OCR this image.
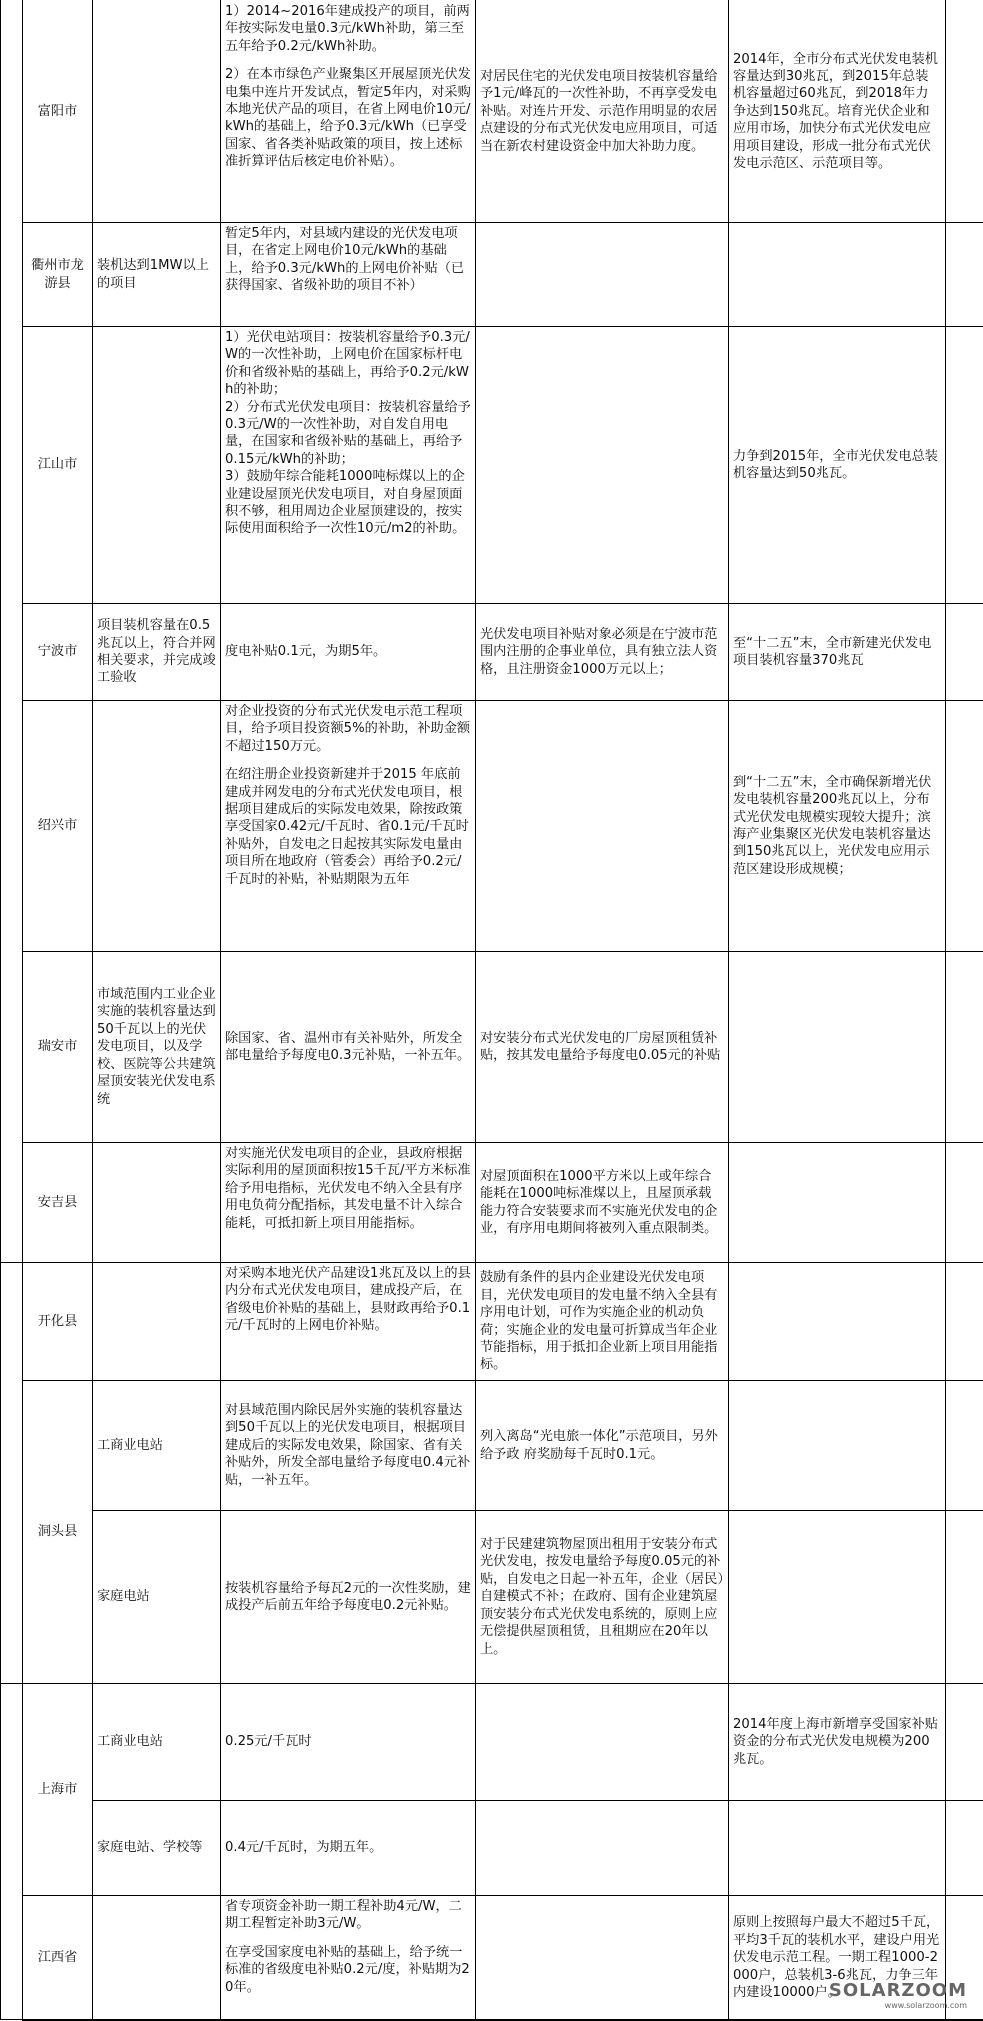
富阳市
衢州市龙游县
江山市
宁波市
绍兴市
瑞安市
安吉县
开化县
洞头县
上海市
江西省
1）2014~2016年建成投产的项目，前两年按实际发电量0.3元/kWh补助，第三至五年给予0.2元/kWh补助。
2）在本市绿色产业聚集区开展屋顶光伏发电集中连片开发试点，暂定5年内，对采购本地光伏产品的项目，在省上网电价10元/kWh的基础上，给予0.3元/kWh（已享受国家、省各类补贴政策的项目，按上述标准折算评估后核定电价补贴）。
对居民住宅的光伏发电项目按装机容量给予1元/峰瓦的一次性补助，不再享受发电补贴。对连片开发、示范作用明显的农居点建设的分布式光伏发电应用项目，可适当在新农村建设资金中加大补助力度。
2014年，全市分布式光伏发电装机容量达到30兆瓦，到2015年总装机容量超过60兆瓦，到2018年力争达到150兆瓦。培育光伏企业和应用市场，加快分布式光伏发电应用项目建设，形成一批分布式光伏发电示范区、示范项目等。
装机达到1MW以上的项目
暂定5年内，对县域内建设的光伏发电项目，在省定上网电价10元/kWh的基础上，给予0.3元/kWh的上网电价补贴（已获得国家、省级补助的项目不补）
1）光伏电站项目：按装机容量给予0.3元/W的一次性补助，上网电价在国家标杆电价和省级补贴的基础上，再给予0.2元/kWh的补助；
2）分布式光伏发电项目：按装机容量给予0.3元/W的一次性补助，对自发自用电量，在国家和省级补贴的基础上，再给予0.15元/kWh的补助；
3）鼓励年综合能耗1000吨标煤以上的企业建设屋顶光伏发电项目，对自身屋顶面积不够，租用周边企业屋顶建设的，按实际使用面积给予一次性10元/m2的补助。
力争到2015年，全市光伏发电总装机容量达到50兆瓦。
项目装机容量在0.5兆瓦以上，符合并网相关要求，并完成竣工验收
度电补贴0.1元，为期5年。
光伏发电项目补贴对象必须是在宁波市范围内注册的企事业单位，具有独立法人资格，且注册资金1000万元以上；
至“十二五”末，全市新建光伏发电项目装机容量370兆瓦
对企业投资的分布式光伏发电示范工程项目，给予项目投资额5%的补助，补助金额不超过150万元。
在绍注册企业投资新建并于2015 年底前建成并网发电的分布式光伏发电项目，根据项目建成后的实际发电效果，除按政策享受国家0.42元/千瓦时、省0.1元/千瓦时补贴外，自发电之日起按其实际发电量由项目所在地政府（管委会）再给予0.2元/千瓦时的补贴，补贴期限为五年
到“十二五”末，全市确保新增光伏发电装机容量200兆瓦以上，分布式光伏发电规模实现较大提升；滨海产业集聚区光伏发电装机容量达到150兆瓦以上，光伏发电应用示范区建设形成规模；
市域范围内工业企业实施的装机容量达到50千瓦以上的光伏发电项目，以及学校、医院等公共建筑屋顶安装光伏发电系统
除国家、省、温州市有关补贴外，所发全部电量给予每度电0.3元补贴，一补五年。
对安装分布式光伏发电的厂房屋顶租赁补贴，按其发电量给予每度电0.05元的补贴
对实施光伏发电项目的企业，县政府根据实际利用的屋顶面积按15千瓦/平方米标准给予用电指标，光伏发电不纳入全县有序用电负荷分配指标，其发电量不计入综合能耗，可抵扣新上项目用能指标。
对屋顶面积在1000平方米以上或年综合能耗在1000吨标准煤以上，且屋顶承载能力符合安装要求而不实施光伏发电的企业，有序用电期间将被列入重点限制类。
对采购本地光伏产品建设1兆瓦及以上的县内分布式光伏发电项目，建成投产后，在省级电价补贴的基础上，县财政再给予0.1元/千瓦时的上网电价补贴。
鼓励有条件的县内企业建设光伏发电项目，光伏发电项目的发电量不纳入全县有序用电计划，可作为实施企业的机动负荷；实施企业的发电量可折算成当年企业节能指标，用于抵扣企业新上项目用能指标。
工商业电站
对县域范围内除民居外实施的装机容量达到50千瓦以上的光伏发电项目，根据项目建成后的实际发电效果，除国家、省有关补贴外，所发全部电量给予每度电0.4元补贴，一补五年。
列入离岛“光电旅一体化”示范项目，另外给予政 府奖励每千瓦时0.1元。
家庭电站
按装机容量给予每瓦2元的一次性奖励，建成投产后前五年给予每度电0.2元补贴。
对于民建建筑物屋顶出租用于安装分布式光伏发电，按发电量给予每度0.05元的补贴，自发电之日起一补五年，企业（居民）自建模式不补；在政府、国有企业建筑屋顶安装分布式光伏发电系统的，原则上应无偿提供屋顶租赁，且租期应在20年以上。
工商业电站	0.25元/千瓦时
2014年度上海市新增享受国家补贴资金的分布式光伏发电规模为200兆瓦。
家庭电站、学校等	0.4元/千瓦时，为期五年。
省专项资金补助一期工程补助4元/W，二期工程暂定补助3元/W。
在享受国家度电补贴的基础上，给予统一标准的省级度电补贴0.2元/度，补贴期为20年。
原则上按照每户最大不超过5千瓦，平均3千瓦的装机水平，建设户用光伏发电示范工程。一期工程1000-2000户，总装机3-6兆瓦，力争三年内建设10000户。
SOLARZOOM
www.solarzoom.com
